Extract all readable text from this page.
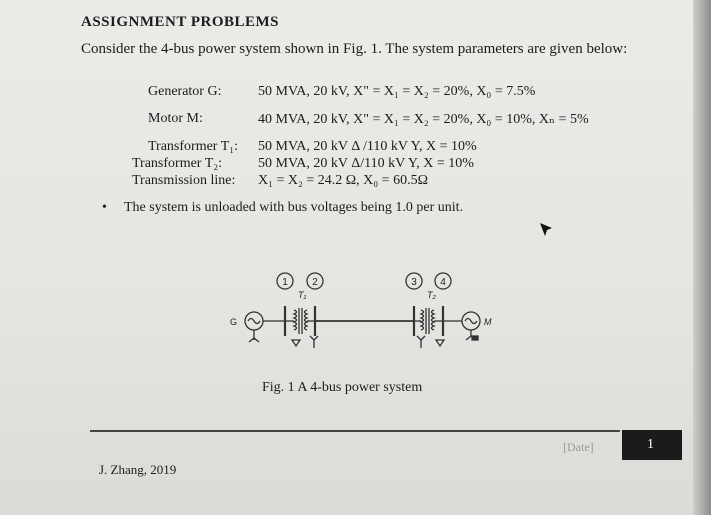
ASSIGNMENT PROBLEMS
Consider the 4-bus power system shown in Fig. 1. The system parameters are given below:
Generator G:	50 MVA, 20 kV, X" = X₁ = X₂ = 20%, X₀ = 7.5%
Motor M:	40 MVA, 20 kV, X" = X₁ = X₂ = 20%, X₀ = 10%, Xₙ = 5%
Transformer T₁: 50 MVA, 20 kV Δ /110 kV Y, X = 10%
Transformer T₂:	50 MVA, 20 kV Δ/110 kV Y, X = 10%
Transmission line: X₁ = X₂ = 24.2 Ω, X₀ = 60.5Ω
• The system is unloaded with bus voltages being 1.0 per unit.
1 2	3 4
T₁	T₂
G	M
Fig. 1 A 4-bus power system
[Date]	1
J. Zhang, 2019
